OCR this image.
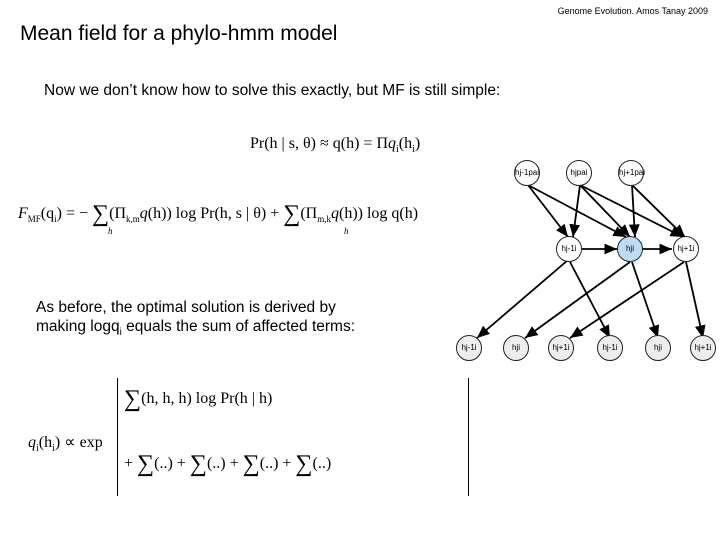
Genome Evolution. Amos Tanay 2009
Mean field for a phylo-hmm model
Now we don’t know how to solve this exactly, but MF is still simple:
Pr(h | s, $\theta) \approx q(h) = \Pi q_i(h_i)$
$F_{MF}(q_i)$ = − $\sum(\Pi_{k,m}q(h))$ log Pr(h, s | $\theta) + \sum(\Pi_{m,k}q(h))$ log q(h)
h	h
As before, the optimal solution is derived by
making logq$_i$ equals the sum of affected terms:
$q_i(h_i) \propto \exp$
∑(h, h, h) log Pr(h | h)
+ ∑(..) + ∑(..) + ∑(..) + ∑(..)
hj-1pai	hjpai	hj+1pai
hj-1i	hji	hj+1i
hj-1i	hji	hj+1i	hj-1i	hji	hj+1i
